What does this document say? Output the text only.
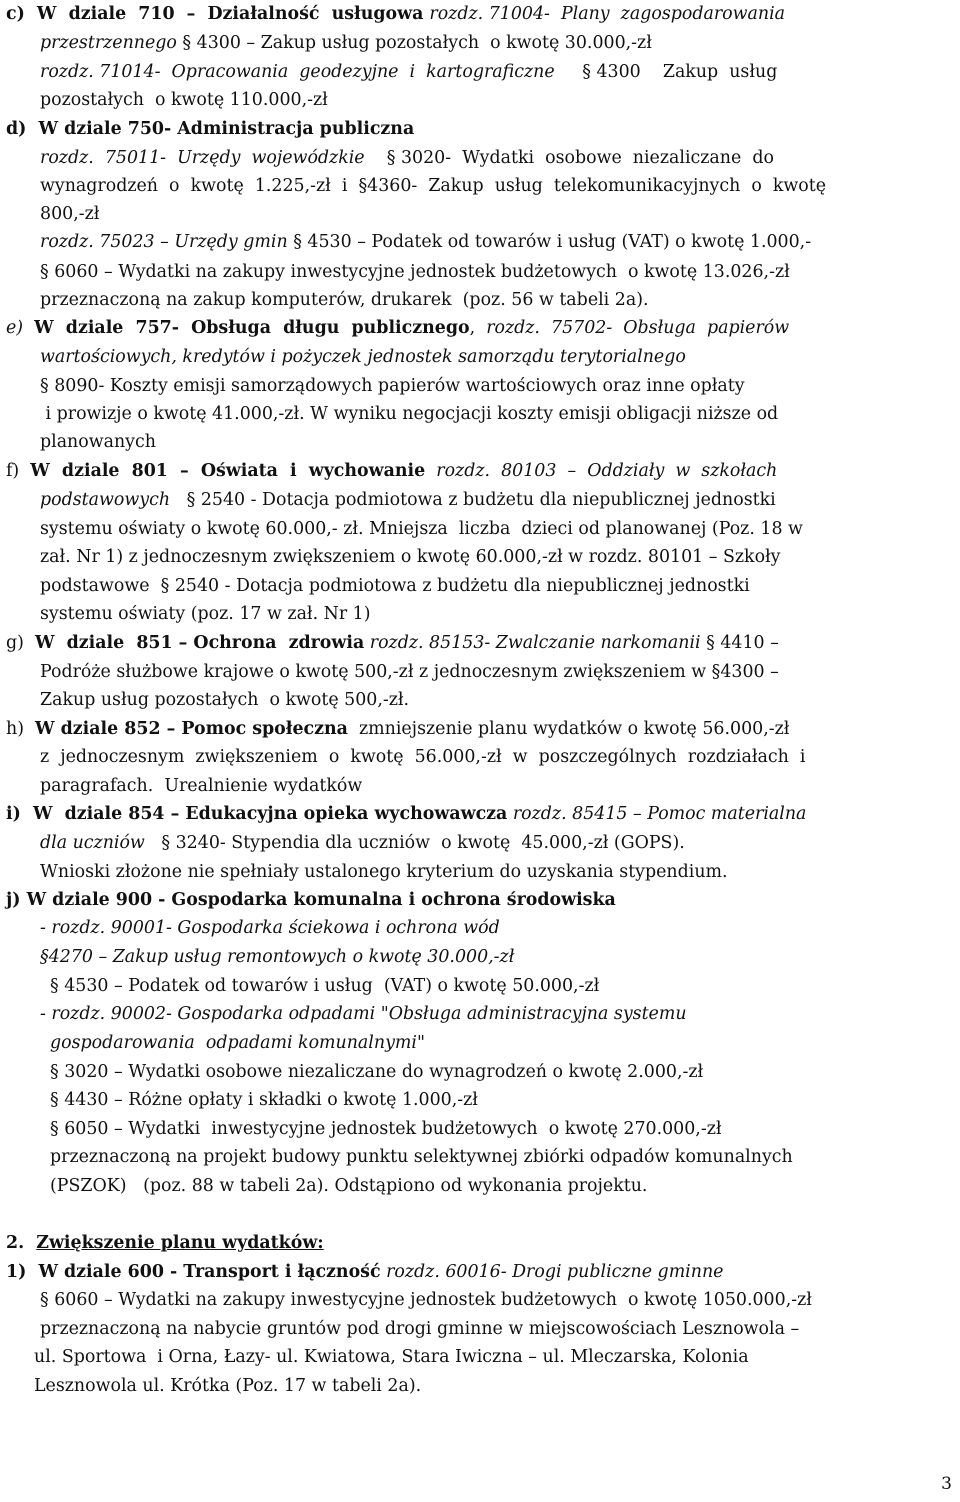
c)  W  dziale  710  –  Działalność  usługowa rozdz. 71004-  Plany  zagospodarowania
przestrzennego § 4300 – Zakup usług pozostałych  o kwotę 30.000,-zł
rozdz. 71014-  Opracowania  geodezyjne  i  kartograficzne § 4300    Zakup  usług
pozostałych  o kwotę 110.000,-zł
d)  W dziale 750- Administracja publiczna
rozdz.  75011-  Urzędy  wojewódzkie § 3020-  Wydatki  osobowe  niezaliczane  do
wynagrodzeń  o  kwotę  1.225,-zł  i  §4360-  Zakup  usług  telekomunikacyjnych  o  kwotę
800,-zł
rozdz. 75023 – Urzędy gmin § 4530 – Podatek od towarów i usług (VAT) o kwotę 1.000,-
§ 6060 – Wydatki na zakupy inwestycyjne jednostek budżetowych  o kwotę 13.026,-zł
przeznaczoną na zakup komputerów, drukarek  (poz. 56 w tabeli 2a).
e) W  dziale  757-  Obsługa  długu  publicznego , rozdz.  75702-  Obsługa  papierów
wartościowych, kredytów i pożyczek jednostek samorządu terytorialnego
§ 8090- Koszty emisji samorządowych papierów wartościowych oraz inne opłaty
i prowizje o kwotę 41.000,-zł. W wyniku negocjacji koszty emisji obligacji niższe od
planowanych
f) W  dziale  801  –  Oświata  i  wychowanie rozdz.  80103  –  Oddziały  w  szkołach
podstawowych § 2540 - Dotacja podmiotowa z budżetu dla niepublicznej jednostki
systemu oświaty o kwotę 60.000,- zł. Mniejsza  liczba  dzieci od planowanej (Poz. 18 w
zał. Nr 1) z jednoczesnym zwiększeniem o kwotę 60.000,-zł w rozdz. 80101 – Szkoły
podstawowe  § 2540 - Dotacja podmiotowa z budżetu dla niepublicznej jednostki
systemu oświaty (poz. 17 w zał. Nr 1)
g) W  dziale  851 – Ochrona  zdrowia rozdz. 85153- Zwalczanie narkomanii § 4410 –
Podróże służbowe krajowe o kwotę 500,-zł z jednoczesnym zwiększeniem w §4300 –
Zakup usług pozostałych  o kwotę 500,-zł.
h) W dziale 852 – Pomoc społeczna zmniejszenie planu wydatków o kwotę 56.000,-zł
z  jednoczesnym  zwiększeniem  o  kwotę  56.000,-zł  w  poszczególnych  rozdziałach  i
paragrafach.  Urealnienie wydatków
i)  W  dziale 854 – Edukacyjna opieka wychowawcza rozdz. 85415 – Pomoc materialna
dla uczniów § 3240- Stypendia dla uczniów  o kwotę  45.000,-zł (GOPS).
Wnioski złożone nie spełniały ustalonego kryterium do uzyskania stypendium.
j) W dziale 900 - Gospodarka komunalna i ochrona środowiska
- rozdz. 90001- Gospodarka ściekowa i ochrona wód
§4270 – Zakup usług remontowych o kwotę 30.000,-zł
§ 4530 – Podatek od towarów i usług  (VAT) o kwotę 50.000,-zł
- rozdz. 90002- Gospodarka odpadami "Obsługa administracyjna systemu
gospodarowania  odpadami komunalnymi"
§ 3020 – Wydatki osobowe niezaliczane do wynagrodzeń o kwotę 2.000,-zł
§ 4430 – Różne opłaty i składki o kwotę 1.000,-zł
§ 6050 – Wydatki  inwestycyjne jednostek budżetowych  o kwotę 270.000,-zł
przeznaczoną na projekt budowy punktu selektywnej zbiórki odpadów komunalnych
(PSZOK)   (poz. 88 w tabeli 2a). Odstąpiono od wykonania projektu.
2. Zwiększenie planu wydatków:
1)  W dziale 600 - Transport i łączność rozdz. 60016- Drogi publiczne gminne
§ 6060 – Wydatki na zakupy inwestycyjne jednostek budżetowych  o kwotę 1050.000,-zł
przeznaczoną na nabycie gruntów pod drogi gminne w miejscowościach Lesznowola –
ul. Sportowa  i Orna, Łazy- ul. Kwiatowa, Stara Iwiczna – ul. Mleczarska, Kolonia
Lesznowola ul. Krótka (Poz. 17 w tabeli 2a).
3
